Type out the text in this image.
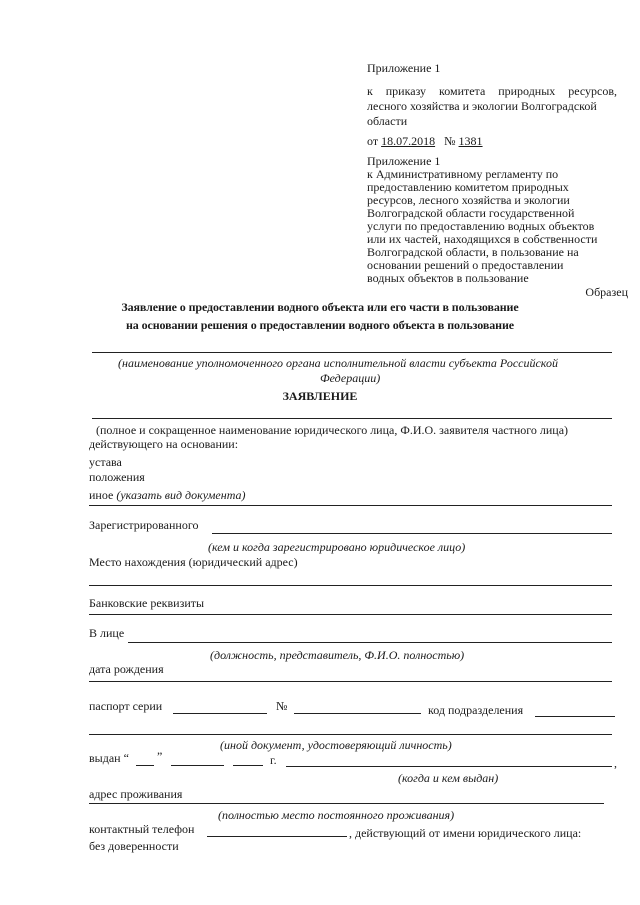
Приложение 1
к приказу комитета природных ресурсов,
лесного хозяйства и экологии Волгоградской
области
от 18.07.2018 № 1381
Приложение 1
к Административному регламенту по
предоставлению комитетом природных
ресурсов, лесного хозяйства и экологии
Волгоградской области государственной
услуги по предоставлению водных объектов
или их частей, находящихся в собственности
Волгоградской области, в пользование на
основании решений о предоставлении
водных объектов в пользование
Образец
Заявление о предоставлении водного объекта или его части в пользование
на основании решения о предоставлении водного объекта в пользование
(наименование уполномоченного органа исполнительной власти субъекта Российской
Федерации)
ЗАЯВЛЕНИЕ
(полное и сокращенное наименование юридического лица, Ф.И.О. заявителя частного лица)
действующего на основании:
устава
положения
иное (указать вид документа)
Зарегистрированного
(кем и когда зарегистрировано юридическое лицо)
Место нахождения (юридический адрес)
Банковские реквизиты
В лице
(должность, представитель, Ф.И.О. полностью)
дата рождения
паспорт серии	№	код подразделения
(иной документ, удостоверяющий личность)
выдан “ ”	г.	,
(когда и кем выдан)
адрес проживания
(полностью место постоянного проживания)
контактный телефон	, действующий от имени юридического лица:
без доверенности
